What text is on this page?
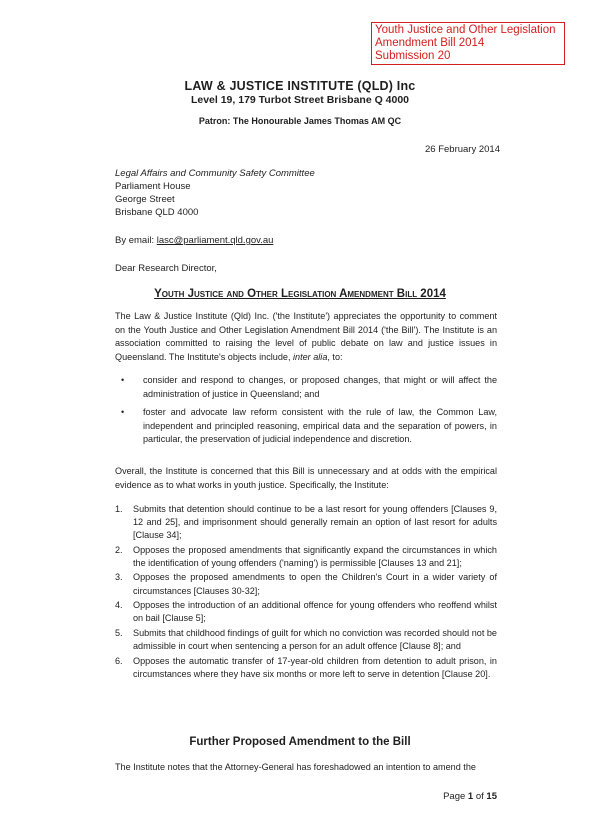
Youth Justice and Other Legislation
Amendment Bill 2014
Submission 20
LAW & JUSTICE INSTITUTE (QLD) Inc
Level 19, 179 Turbot Street Brisbane Q 4000
Patron: The Honourable James Thomas AM QC
26 February 2014
Legal Affairs and Community Safety Committee
Parliament House
George Street
Brisbane QLD 4000
By email: lasc@parliament.qld.gov.au
Dear Research Director,
Youth Justice and Other Legislation Amendment Bill 2014
The Law & Justice Institute (Qld) Inc. ('the Institute') appreciates the opportunity to comment on the Youth Justice and Other Legislation Amendment Bill 2014 ('the Bill'). The Institute is an association committed to raising the level of public debate on law and justice issues in Queensland. The Institute's objects include, inter alia, to:
• consider and respond to changes, or proposed changes, that might or will affect the administration of justice in Queensland; and
• foster and advocate law reform consistent with the rule of law, the Common Law, independent and principled reasoning, empirical data and the separation of powers, in particular, the preservation of judicial independence and discretion.
Overall, the Institute is concerned that this Bill is unnecessary and at odds with the empirical evidence as to what works in youth justice. Specifically, the Institute:
1. Submits that detention should continue to be a last resort for young offenders [Clauses 9, 12 and 25], and imprisonment should generally remain an option of last resort for adults [Clause 34];
2. Opposes the proposed amendments that significantly expand the circumstances in which the identification of young offenders ('naming') is permissible [Clauses 13 and 21];
3. Opposes the proposed amendments to open the Children's Court in a wider variety of circumstances [Clauses 30-32];
4. Opposes the introduction of an additional offence for young offenders who reoffend whilst on bail [Clause 5];
5. Submits that childhood findings of guilt for which no conviction was recorded should not be admissible in court when sentencing a person for an adult offence [Clause 8]; and
6. Opposes the automatic transfer of 17-year-old children from detention to adult prison, in circumstances where they have six months or more left to serve in detention [Clause 20].
Further Proposed Amendment to the Bill
The Institute notes that the Attorney-General has foreshadowed an intention to amend the
Page 1 of 15
